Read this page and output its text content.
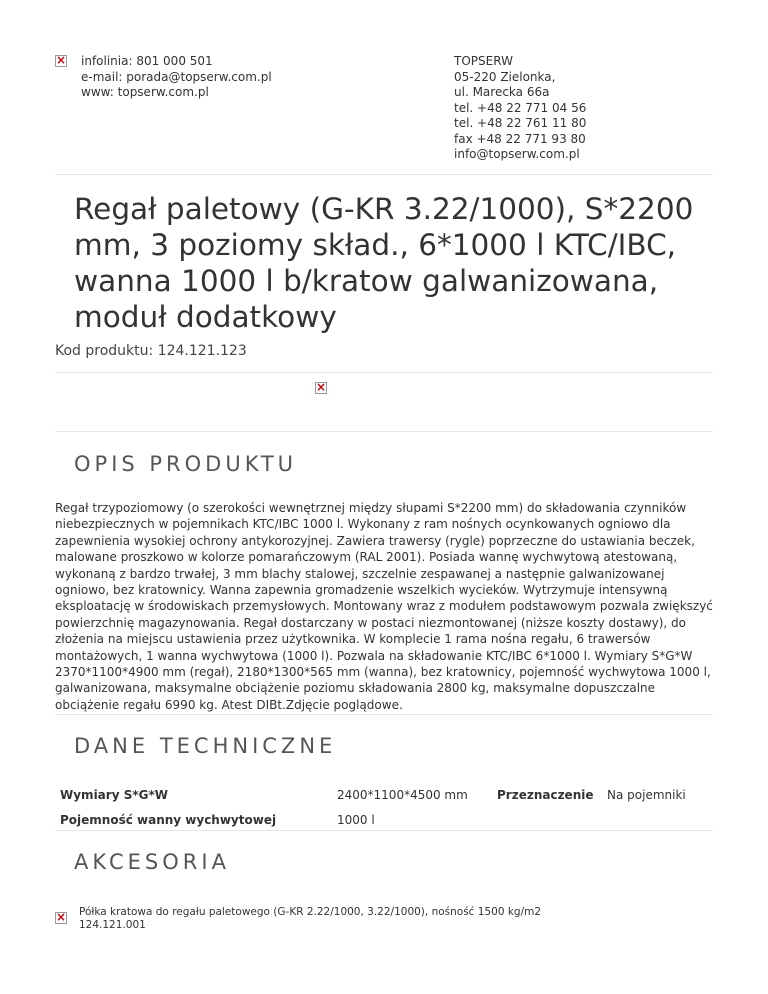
×
infolinia: 801 000 501
e-mail: porada@topserw.com.pl
www: topserw.com.pl
TOPSERW
05-220 Zielonka,
ul. Marecka 66a
tel. +48 22 771 04 56
tel. +48 22 761 11 80
fax +48 22 771 93 80
info@topserw.com.pl
Regał paletowy (G-KR 3.22/1000), S*2200 mm, 3 poziomy skład., 6*1000 l KTC/IBC, wanna 1000 l b/kratow galwanizowana, moduł dodatkowy
Kod produktu: 124.121.123
×
OPIS PRODUKTU

Regał trzypoziomowy (o szerokości wewnętrznej między słupami S*2200 mm) do składowania czynników niebezpiecznych w pojemnikach KTC/IBC 1000 l. Wykonany z ram nośnych ocynkowanych ogniowo dla zapewnienia wysokiej ochrony antykorozyjnej. Zawiera trawersy (rygle) poprzeczne do ustawiania beczek, malowane proszkowo w kolorze pomarańczowym (RAL 2001). Posiada wannę wychwytową atestowaną, wykonaną z bardzo trwałej, 3 mm blachy stalowej, szczelnie zespawanej a następnie galwanizowanej ogniowo, bez kratownicy. Wanna zapewnia gromadzenie wszelkich wycieków. Wytrzymuje intensywną eksploatację w środowiskach przemysłowych. Montowany wraz z modułem podstawowym pozwala zwiększyć powierzchnię magazynowania. Regał dostarczany w postaci niezmontowanej (niższe koszty dostawy), do złożenia na miejscu ustawienia przez użytkownika. W komplecie 1 rama nośna regału, 6 trawersów montażowych, 1 wanna wychwytowa (1000 l). Pozwala na składowanie KTC/IBC 6*1000 l. Wymiary S*G*W 2370*1100*4900 mm (regał), 2180*1300*565 mm (wanna), bez kratownicy, pojemność wychwytowa 1000 l, galwanizowana, maksymalne obciążenie poziomu składowania 2800 kg, maksymalne dopuszczalne obciążenie regału 6990 kg. Atest DIBt.Zdjęcie poglądowe.

DANE TECHNICZNE
Wymiary S*G*W	2400*1100*4500 mm	Przeznaczenie	Na pojemniki
Pojemność wanny wychwytowej	1000 l		
AKCESORIA
×
Półka kratowa do regału paletowego (G-KR 2.22/1000, 3.22/1000), nośność 1500 kg/m2
124.121.001
